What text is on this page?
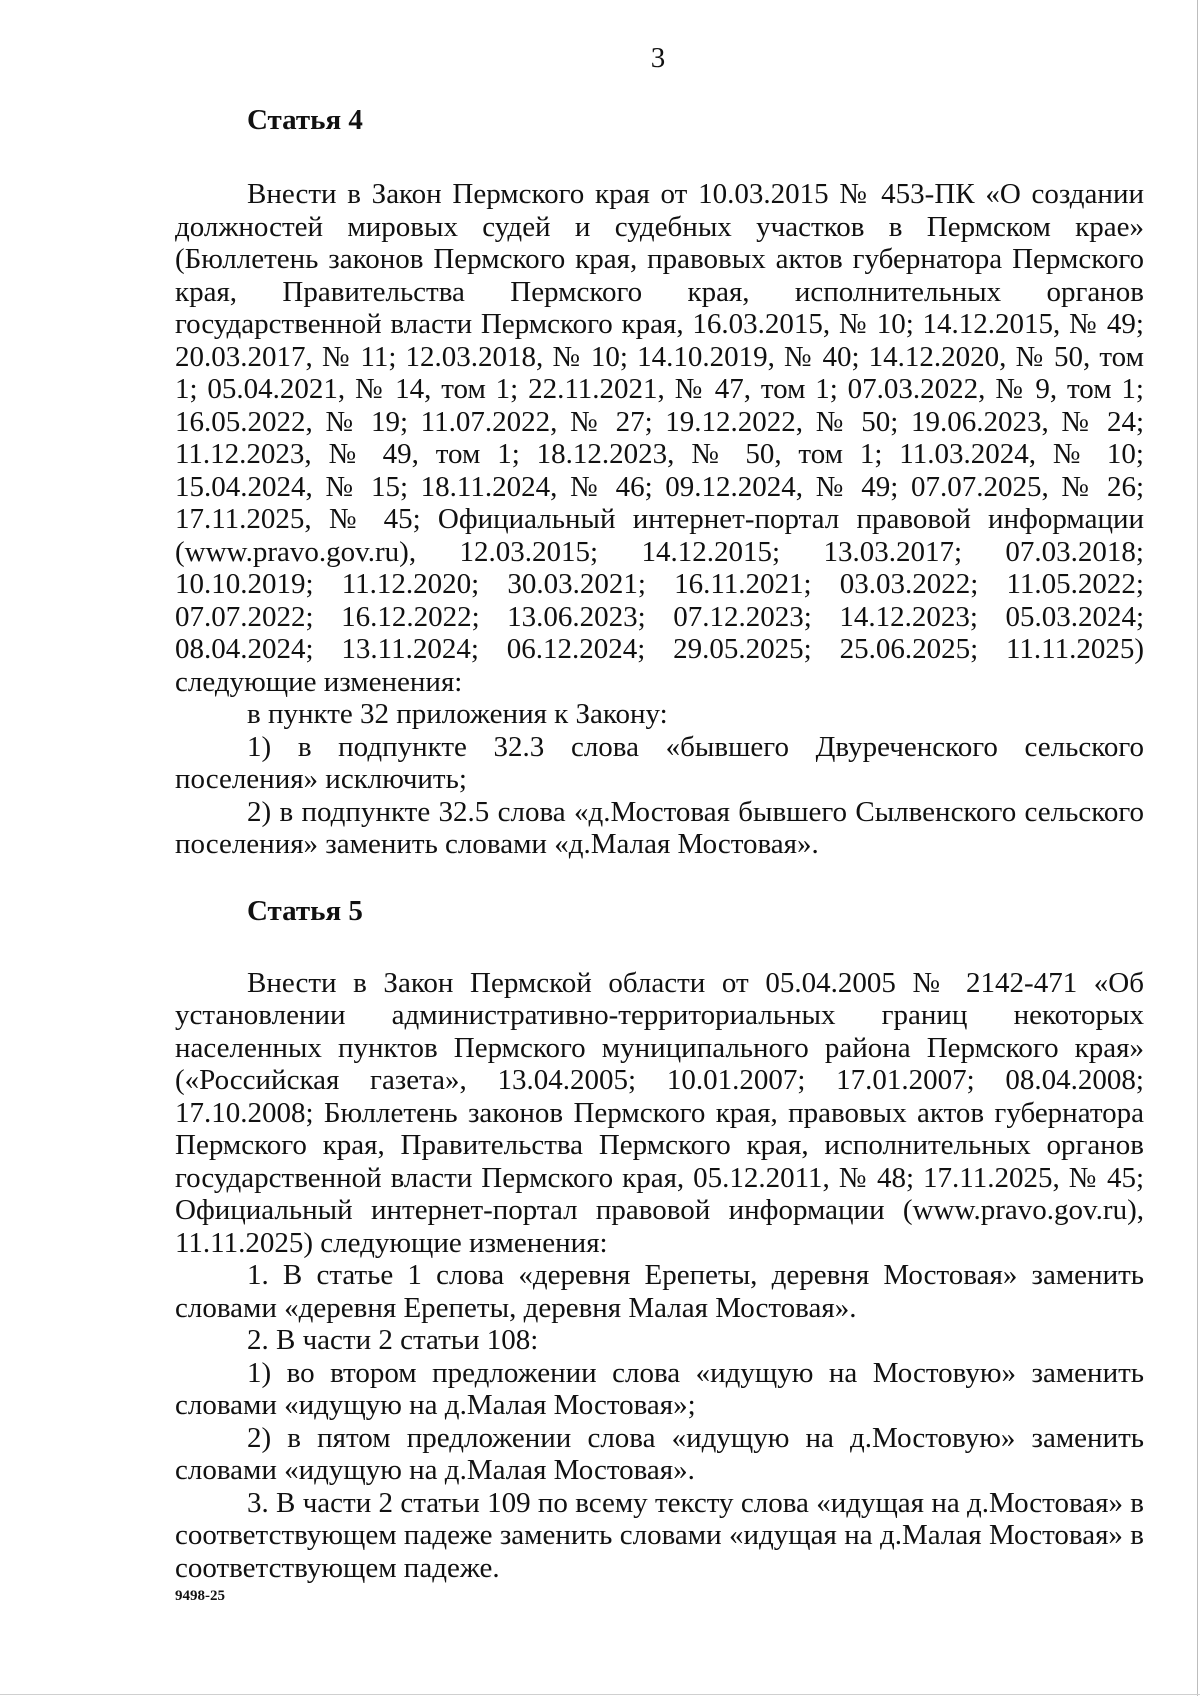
3

Статья 4

Внести в Закон Пермского края от 10.03.2015 № 453-ПК «О создании должностей мировых судей и судебных участков в Пермском крае» (Бюллетень законов Пермского края, правовых актов губернатора Пермского края, Правительства Пермского края, исполнительных органов государственной власти Пермского края, 16.03.2015, № 10; 14.12.2015, № 49; 20.03.2017, № 11; 12.03.2018, № 10; 14.10.2019, № 40; 14.12.2020, № 50, том 1; 05.04.2021, № 14, том 1; 22.11.2021, № 47, том 1; 07.03.2022, № 9, том 1; 16.05.2022, № 19; 11.07.2022, № 27; 19.12.2022, № 50; 19.06.2023, № 24; 11.12.2023, № 49, том 1; 18.12.2023, № 50, том 1; 11.03.2024, № 10; 15.04.2024, № 15; 18.11.2024, № 46; 09.12.2024, № 49; 07.07.2025, № 26; 17.11.2025, № 45; Официальный интернет-портал правовой информации (www.pravo.gov.ru), 12.03.2015; 14.12.2015; 13.03.2017; 07.03.2018; 10.10.2019; 11.12.2020; 30.03.2021; 16.11.2021; 03.03.2022; 11.05.2022; 07.07.2022; 16.12.2022; 13.06.2023; 07.12.2023; 14.12.2023; 05.03.2024; 08.04.2024; 13.11.2024; 06.12.2024; 29.05.2025; 25.06.2025; 11.11.2025) следующие изменения:

в пункте 32 приложения к Закону:

1) в подпункте 32.3 слова «бывшего Двуреченского сельского поселения» исключить;

2) в подпункте 32.5 слова «д.Мостовая бывшего Сылвенского сельского поселения» заменить словами «д.Малая Мостовая».

Статья 5

Внести в Закон Пермской области от 05.04.2005 № 2142-471 «Об установлении административно-территориальных границ некоторых населенных пунктов Пермского муниципального района Пермского края» («Российская газета», 13.04.2005; 10.01.2007; 17.01.2007; 08.04.2008; 17.10.2008; Бюллетень законов Пермского края, правовых актов губернатора Пермского края, Правительства Пермского края, исполнительных органов государственной власти Пермского края, 05.12.2011, № 48; 17.11.2025, № 45; Официальный интернет-портал правовой информации (www.pravo.gov.ru), 11.11.2025) следующие изменения:

1. В статье 1 слова «деревня Ерепеты, деревня Мостовая» заменить словами «деревня Ерепеты, деревня Малая Мостовая».

2. В части 2 статьи 108:

1) во втором предложении слова «идущую на Мостовую» заменить словами «идущую на д.Малая Мостовая»;

2) в пятом предложении слова «идущую на д.Мостовую» заменить словами «идущую на д.Малая Мостовая».

3. В части 2 статьи 109 по всему тексту слова «идущая на д.Мостовая» в соответствующем падеже заменить словами «идущая на д.Малая Мостовая» в соответствующем падеже.

9498-25
